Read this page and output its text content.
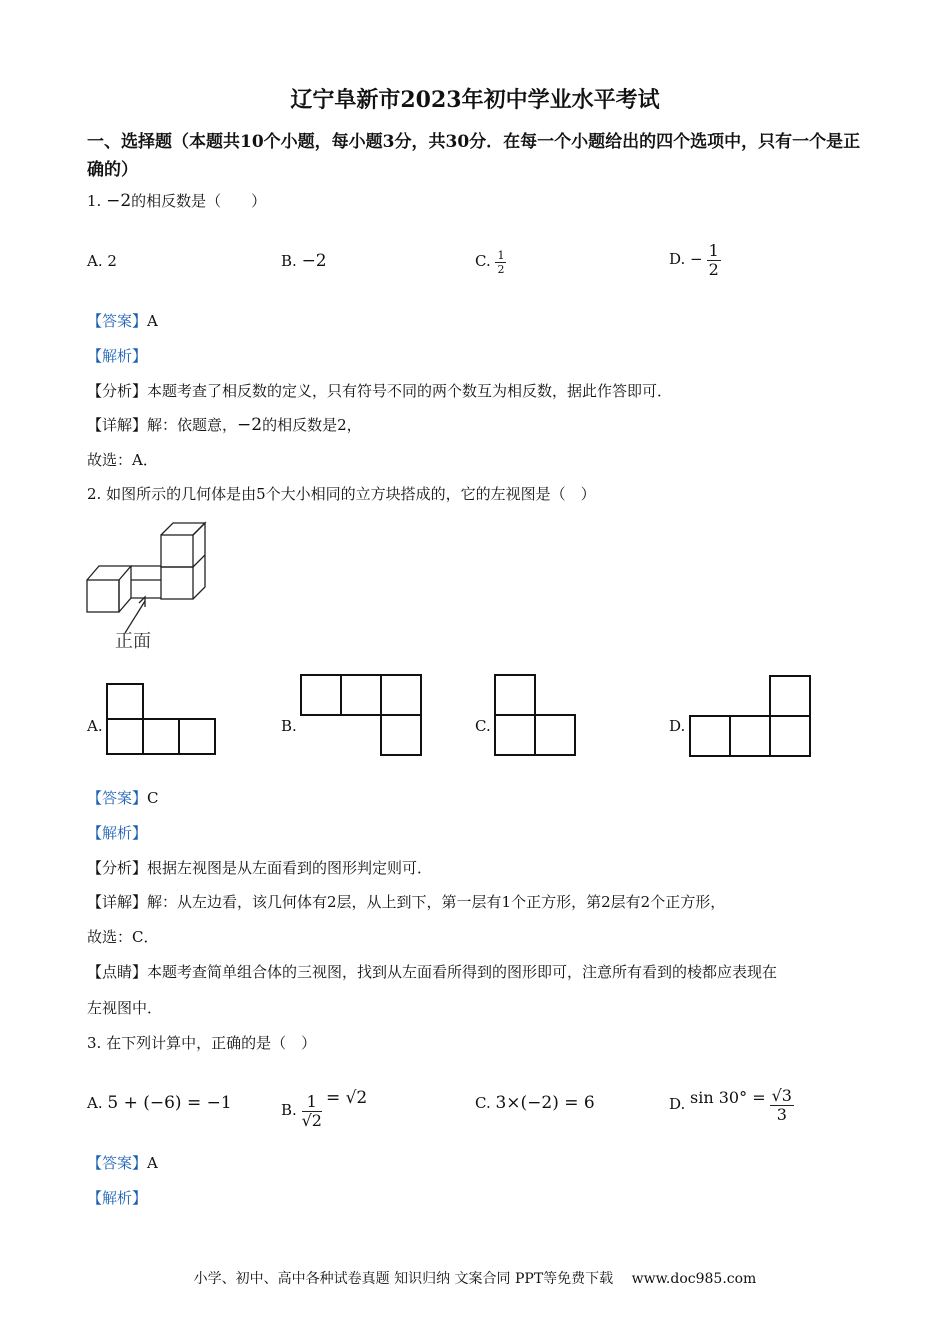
辽宁阜新市2023年初中学业水平考试
一、选择题（本题共10个小题，每小题3分，共30分．在每一个小题给出的四个选项中，只有一个是正确的）
1. −2的相反数是（　　）
A. 2	B. −2	C. $\frac{1}{2}$	D. − $\frac{1}{2}$
【答案】A
【解析】
【分析】本题考查了相反数的定义，只有符号不同的两个数互为相反数，据此作答即可．
【详解】解：依题意，−2的相反数是2，
故选：A．
2. 如图所示的几何体是由5个大小相同的立方块搭成的，它的左视图是（　）
正面
A.	B.	C.	D.
【答案】C
【解析】
【分析】根据左视图是从左面看到的图形判定则可．
【详解】解：从左边看，该几何体有2层，从上到下，第一层有1个正方形，第2层有2个正方形，
故选：C．
【点睛】本题考查简单组合体的三视图，找到从左面看所得到的图形即可，注意所有看到的棱都应表现在
左视图中．
3. 在下列计算中，正确的是（　）
A. 5 + (−6) = −1	B. $\frac{1}{√2} = √2$	C. 3×(−2) = 6	D. $\sin 30^\circ = \frac{√3}{3}$
【答案】A
【解析】
小学、初中、高中各种试卷真题 知识归纳 文案合同 PPT等免费下载　 www.doc985.com
